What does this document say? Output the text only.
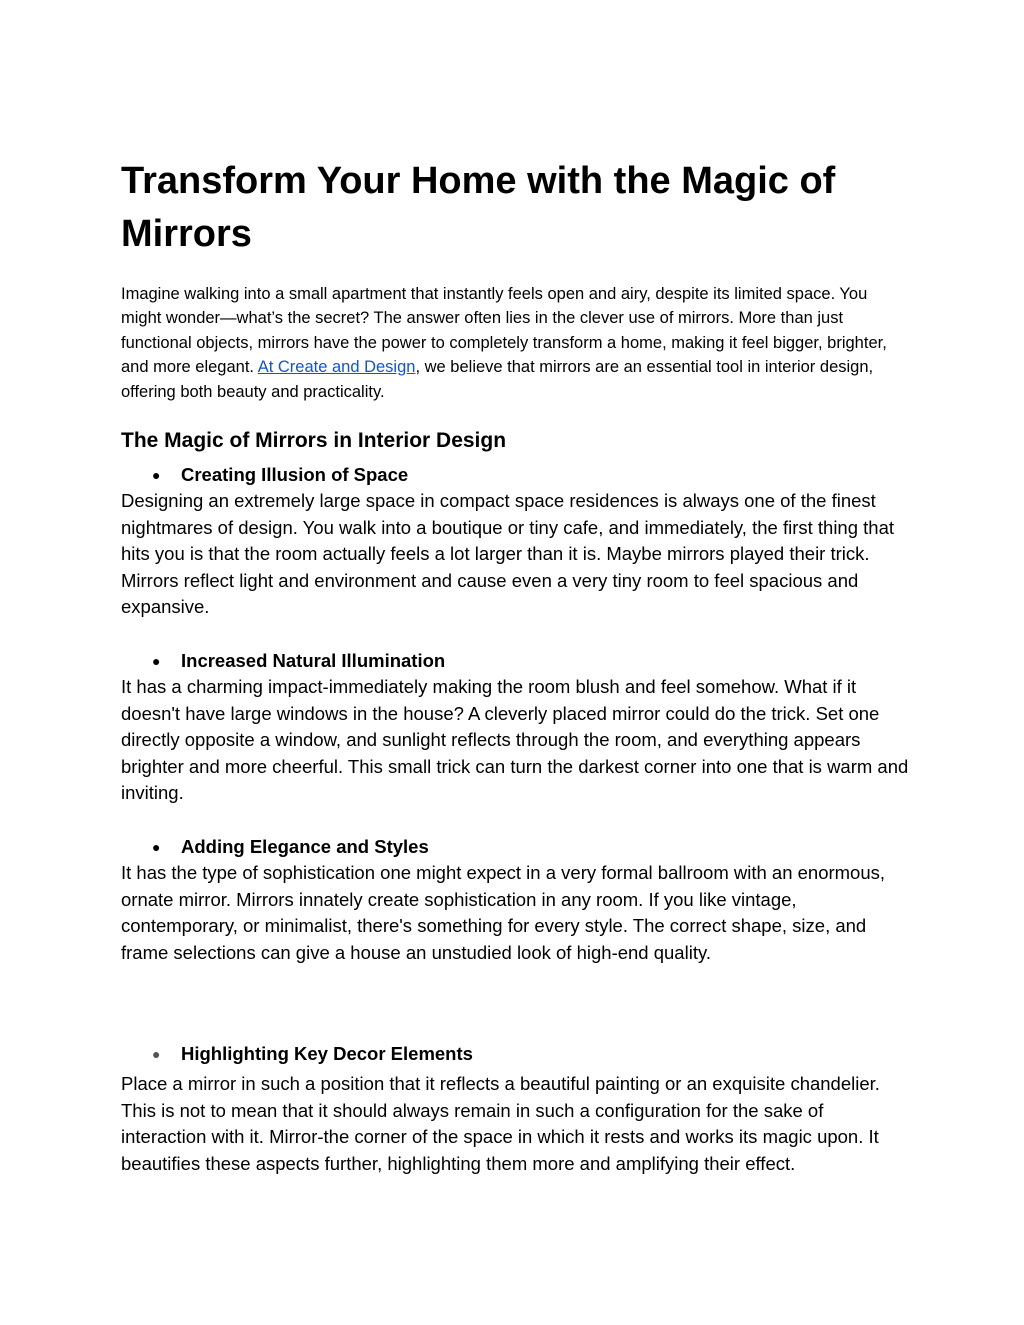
Transform Your Home with the Magic of Mirrors

Imagine walking into a small apartment that instantly feels open and airy, despite its limited space. You might wonder—what’s the secret? The answer often lies in the clever use of mirrors. More than just functional objects, mirrors have the power to completely transform a home, making it feel bigger, brighter, and more elegant. At Create and Design, we believe that mirrors are an essential tool in interior design, offering both beauty and practicality.

The Magic of Mirrors in Interior Design
● Creating Illusion of Space

Designing an extremely large space in compact space residences is always one of the finest nightmares of design. You walk into a boutique or tiny cafe, and immediately, the first thing that hits you is that the room actually feels a lot larger than it is. Maybe mirrors played their trick. Mirrors reflect light and environment and cause even a very tiny room to feel spacious and expansive.

● Increased Natural Illumination

It has a charming impact-immediately making the room blush and feel somehow. What if it doesn't have large windows in the house? A cleverly placed mirror could do the trick. Set one directly opposite a window, and sunlight reflects through the room, and everything appears brighter and more cheerful. This small trick can turn the darkest corner into one that is warm and inviting.

● Adding Elegance and Styles

It has the type of sophistication one might expect in a very formal ballroom with an enormous, ornate mirror. Mirrors innately create sophistication in any room. If you like vintage, contemporary, or minimalist, there's something for every style. The correct shape, size, and frame selections can give a house an unstudied look of high-end quality.

● Highlighting Key Decor Elements

Place a mirror in such a position that it reflects a beautiful painting or an exquisite chandelier. This is not to mean that it should always remain in such a configuration for the sake of interaction with it. Mirror-the corner of the space in which it rests and works its magic upon. It beautifies these aspects further, highlighting them more and amplifying their effect.
